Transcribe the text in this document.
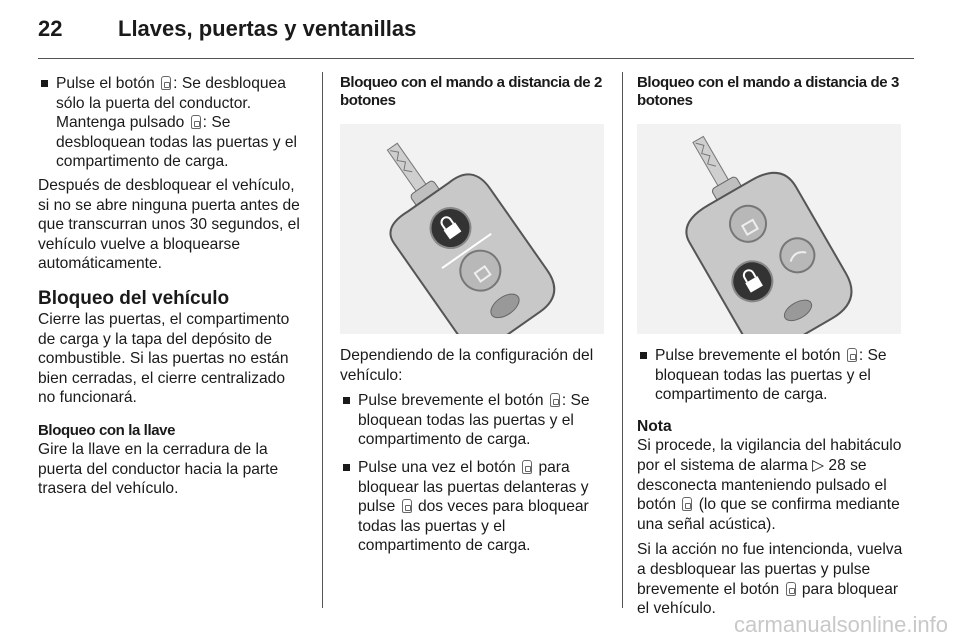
22	Llaves, puertas y ventanillas
Pulse el botón : Se desbloquea sólo la puerta del conductor. Mantenga pulsado : Se desbloquean todas las puertas y el compartimento de carga.

Después de desbloquear el vehículo, si no se abre ninguna puerta antes de que transcurran unos 30 segundos, el vehículo vuelve a bloquearse automáticamente.

Bloqueo del vehículo

Cierre las puertas, el compartimento de carga y la tapa del depósito de combustible. Si las puertas no están bien cerradas, el cierre centralizado no funcionará.

Bloqueo con la llave

Gire la llave en la cerradura de la puerta del conductor hacia la parte trasera del vehículo.

Bloqueo con el mando a distancia de 2 botones

Dependiendo de la configuración del vehículo:

Pulse brevemente el botón : Se bloquean todas las puertas y el compartimento de carga.
Pulse una vez el botón  para bloquear las puertas delanteras y pulse  dos veces para bloquear todas las puertas y el compartimento de carga.
Bloqueo con el mando a distancia de 3 botones
Pulse brevemente el botón : Se bloquean todas las puertas y el compartimento de carga.
Nota

Si procede, la vigilancia del habitáculo por el sistema de alarma ▷ 28 se desconecta manteniendo pulsado el botón  (lo que se confirma mediante una señal acústica).

Si la acción no fue intencionda, vuelva a desbloquear las puertas y pulse brevemente el botón  para bloquear el vehículo.

carmanualsonline.info
